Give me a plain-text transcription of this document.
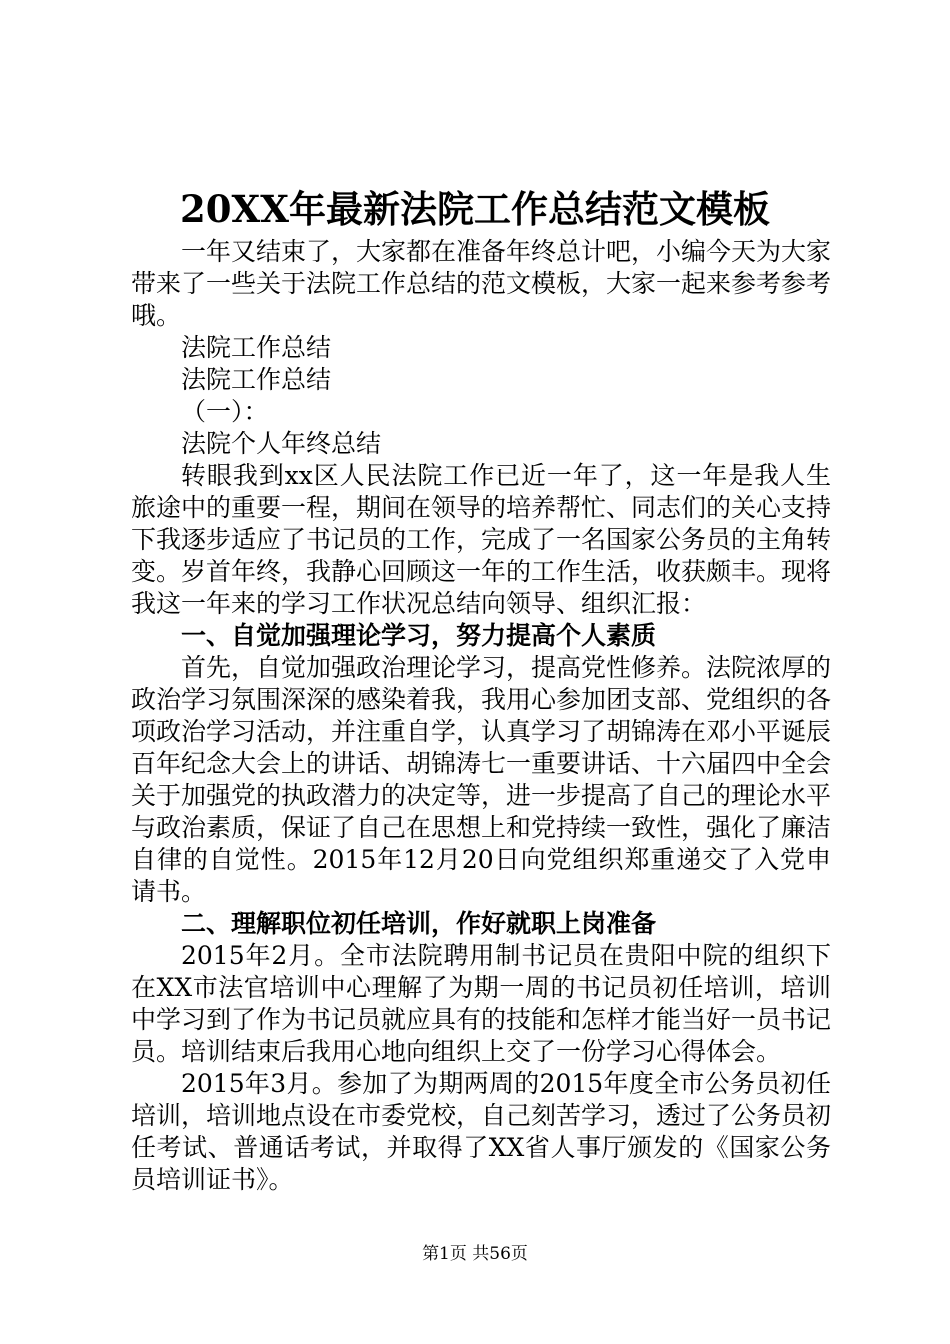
20XX年最新法院工作总结范文模板

一年又结束了，大家都在准备年终总计吧，小编今天为大家带来了一些关于法院工作总结的范文模板，大家一起来参考参考哦。

法院工作总结

法院工作总结

（一）：

法院个人年终总结

转眼我到xx区人民法院工作已近一年了，这一年是我人生旅途中的重要一程，期间在领导的培养帮忙、同志们的关心支持下我逐步适应了书记员的工作，完成了一名国家公务员的主角转变。岁首年终，我静心回顾这一年的工作生活，收获颇丰。现将我这一年来的学习工作状况总结向领导、组织汇报：

一、自觉加强理论学习，努力提高个人素质

首先，自觉加强政治理论学习，提高党性修养。法院浓厚的政治学习氛围深深的感染着我，我用心参加团支部、党组织的各项政治学习活动，并注重自学，认真学习了胡锦涛在邓小平诞辰百年纪念大会上的讲话、胡锦涛七一重要讲话、十六届四中全会关于加强党的执政潜力的决定等，进一步提高了自己的理论水平与政治素质，保证了自己在思想上和党持续一致性，强化了廉洁自律的自觉性。2015年12月20日向党组织郑重递交了入党申请书。

二、理解职位初任培训，作好就职上岗准备

2015年2月。全市法院聘用制书记员在贵阳中院的组织下在XX市法官培训中心理解了为期一周的书记员初任培训，培训中学习到了作为书记员就应具有的技能和怎样才能当好一员书记员。培训结束后我用心地向组织上交了一份学习心得体会。

2015年3月。参加了为期两周的2015年度全市公务员初任培训，培训地点设在市委党校，自己刻苦学习，透过了公务员初任考试、普通话考试，并取得了XX省人事厅颁发的《国家公务员培训证书》。

第1页 共56页
